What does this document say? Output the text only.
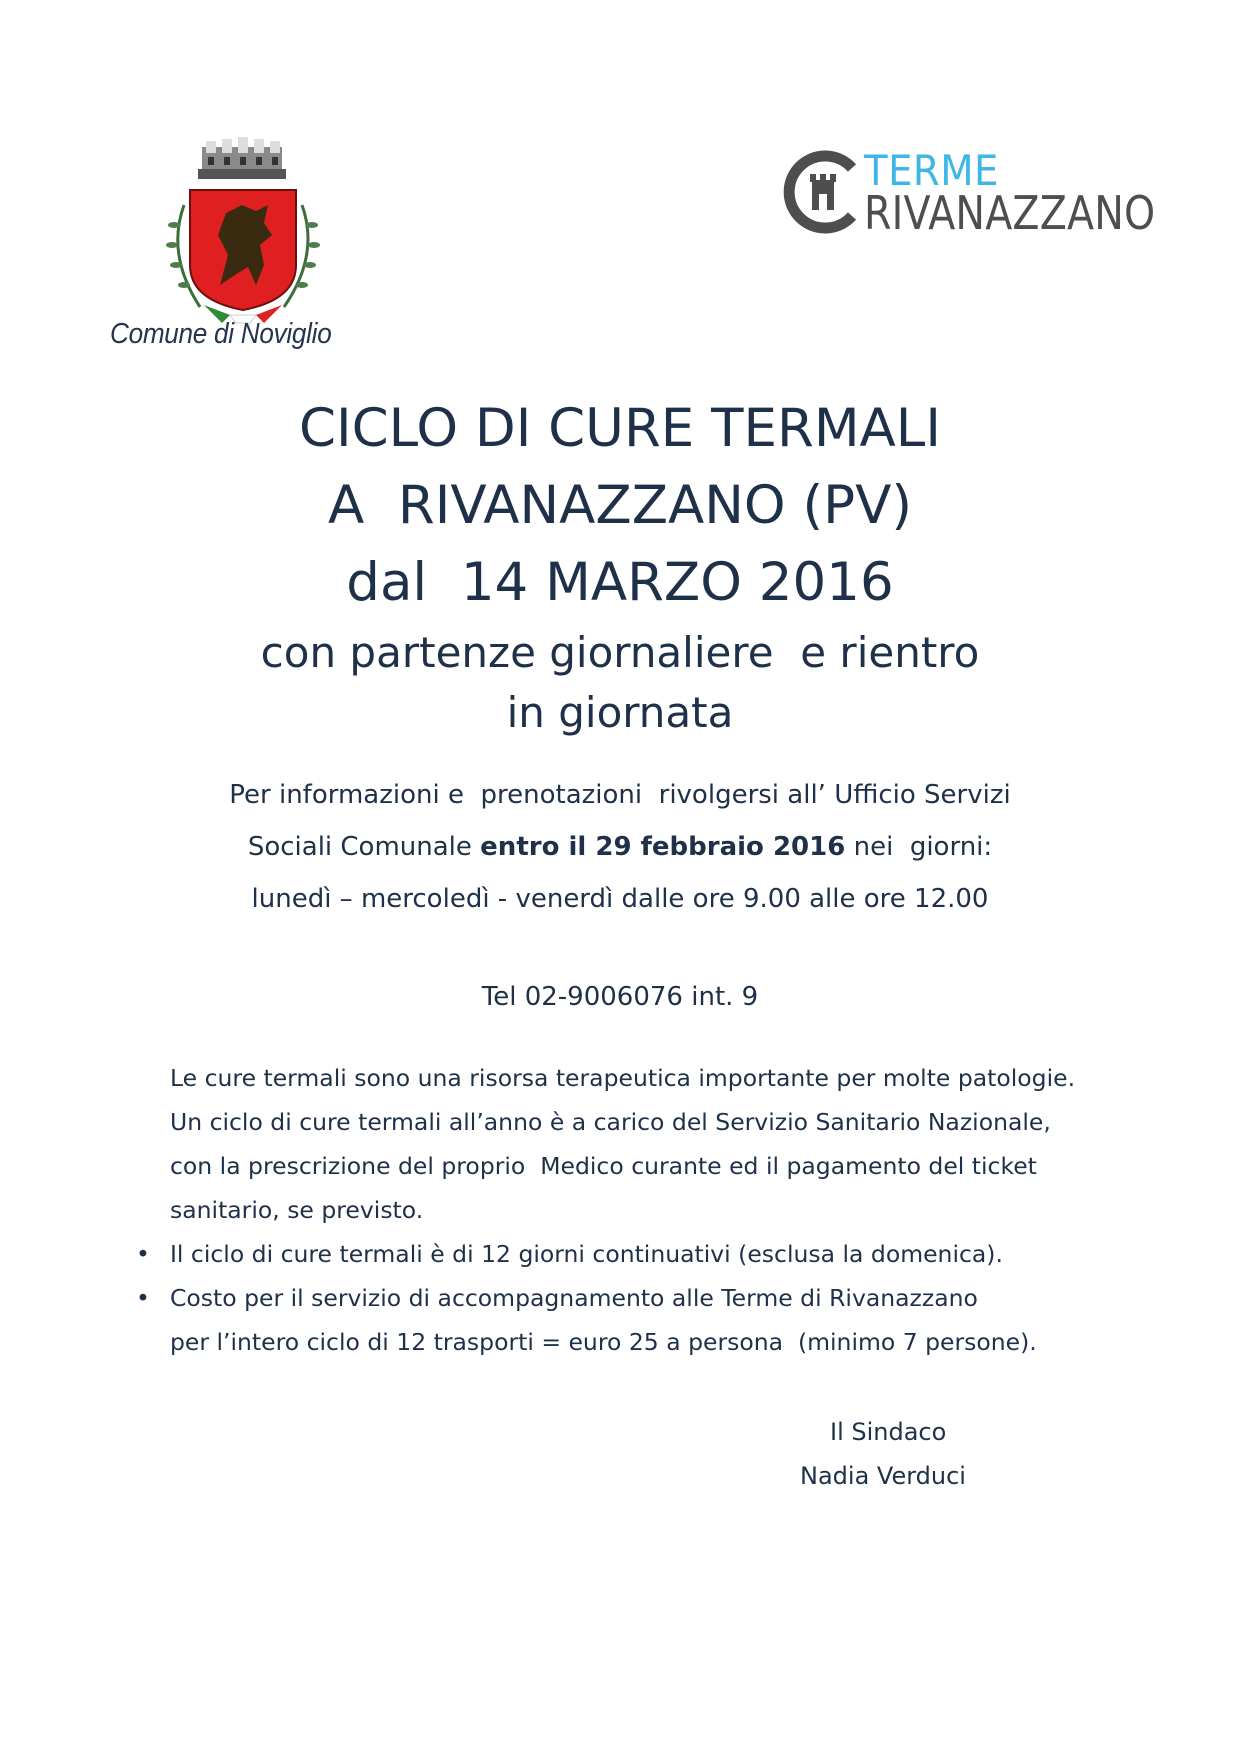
Comune di Noviglio
TERME
RIVANAZZANO
CICLO DI CURE TERMALI
A  RIVANAZZANO (PV)
dal  14 MARZO 2016
con partenze giornaliere  e rientro
in giornata
Per informazioni e  prenotazioni  rivolgersi all’ Ufficio Servizi
Sociali Comunale entro il 29 febbraio 2016 nei  giorni:
lunedì – mercoledì - venerdì dalle ore 9.00 alle ore 12.00
Tel 02-9006076 int. 9
Le cure termali sono una risorsa terapeutica importante per molte patologie.
Un ciclo di cure termali all’anno è a carico del Servizio Sanitario Nazionale,
con la prescrizione del proprio  Medico curante ed il pagamento del ticket
sanitario, se previsto.
• Il ciclo di cure termali è di 12 giorni continuativi (esclusa la domenica).
• Costo per il servizio di accompagnamento alle Terme di Rivanazzano
per l’intero ciclo di 12 trasporti = euro 25 a persona  (minimo 7 persone).
Il Sindaco
Nadia Verduci
